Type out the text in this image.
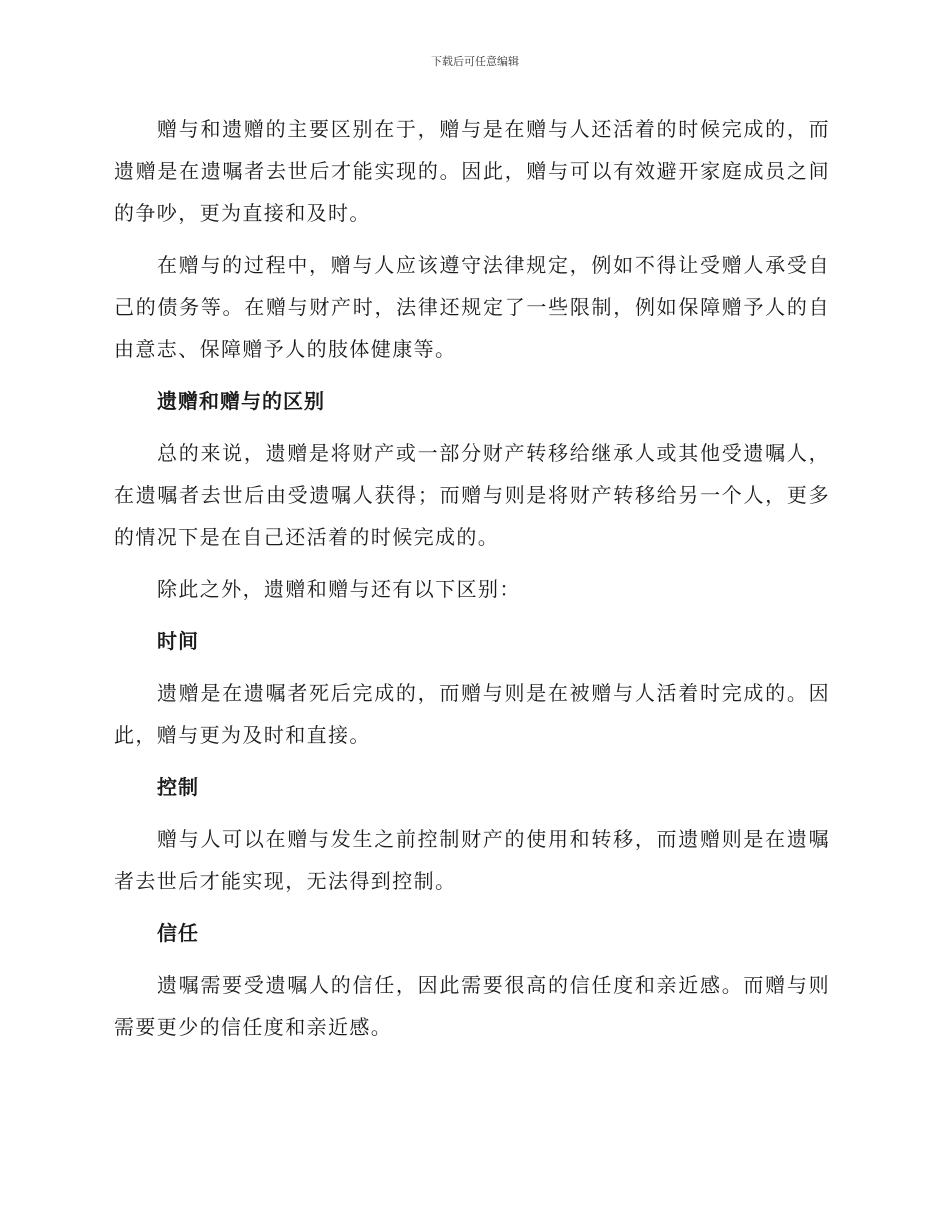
下载后可任意编辑

赠与和遗赠的主要区别在于，赠与是在赠与人还活着的时候完成的，而遗赠是在遗嘱者去世后才能实现的。因此，赠与可以有效避开家庭成员之间的争吵，更为直接和及时。

在赠与的过程中，赠与人应该遵守法律规定，例如不得让受赠人承受自己的债务等。在赠与财产时，法律还规定了一些限制，例如保障赠予人的自由意志、保障赠予人的肢体健康等。

遗赠和赠与的区别

总的来说，遗赠是将财产或一部分财产转移给继承人或其他受遗嘱人，在遗嘱者去世后由受遗嘱人获得；而赠与则是将财产转移给另一个人，更多的情况下是在自己还活着的时候完成的。

除此之外，遗赠和赠与还有以下区别：

时间

遗赠是在遗嘱者死后完成的，而赠与则是在被赠与人活着时完成的。因此，赠与更为及时和直接。

控制

赠与人可以在赠与发生之前控制财产的使用和转移，而遗赠则是在遗嘱者去世后才能实现，无法得到控制。

信任

遗嘱需要受遗嘱人的信任，因此需要很高的信任度和亲近感。而赠与则需要更少的信任度和亲近感。
